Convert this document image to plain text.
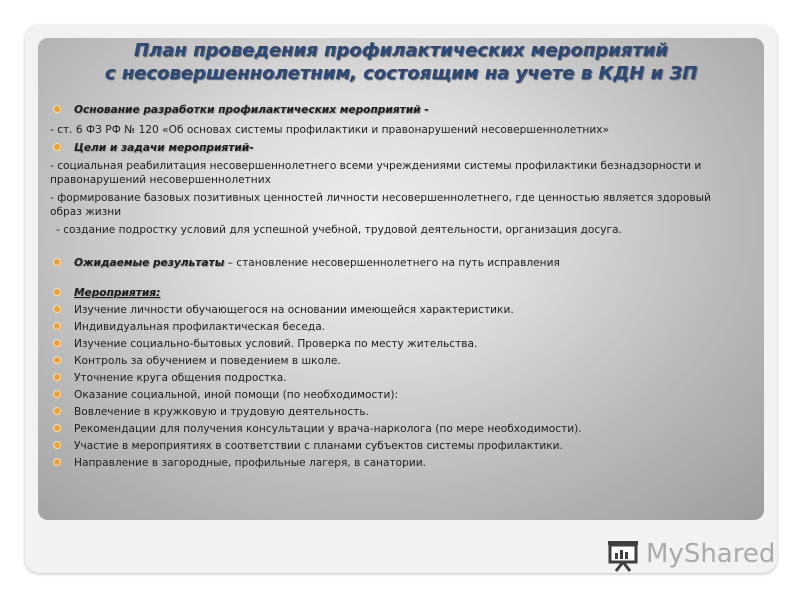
План проведения профилактических мероприятий
с несовершеннолетним, состоящим на учете в КДН и ЗП
Основание разработки профилактических мероприятий -
- ст. 6 ФЗ РФ № 120 «Об основах системы профилактики и правонарушений несовершеннолетних»
Цели и задачи мероприятий-
- социальная реабилитация несовершеннолетнего всеми учреждениями системы профилактики безнадзорности и правонарушений несовершеннолетних
- формирование базовых позитивных ценностей личности несовершеннолетнего, где ценностью является здоровый образ жизни
- создание подростку условий для успешной учебной, трудовой деятельности, организация досуга.
Ожидаемые результаты – становление несовершеннолетнего на путь исправления
Мероприятия:
Изучение личности обучающегося на основании имеющейся характеристики.
Индивидуальная профилактическая беседа.
Изучение социально-бытовых условий. Проверка по месту жительства.
Контроль за обучением и поведением в школе.
Уточнение круга общения подростка.
Оказание социальной, иной помощи (по необходимости):
Вовлечение в кружковую и трудовую деятельность.
Рекомендации для получения консультации у врача-нарколога (по мере необходимости).
Участие в мероприятиях в соответствии с планами субъектов системы профилактики.
Направление в загородные, профильные лагеря, в санатории.
MyShared
